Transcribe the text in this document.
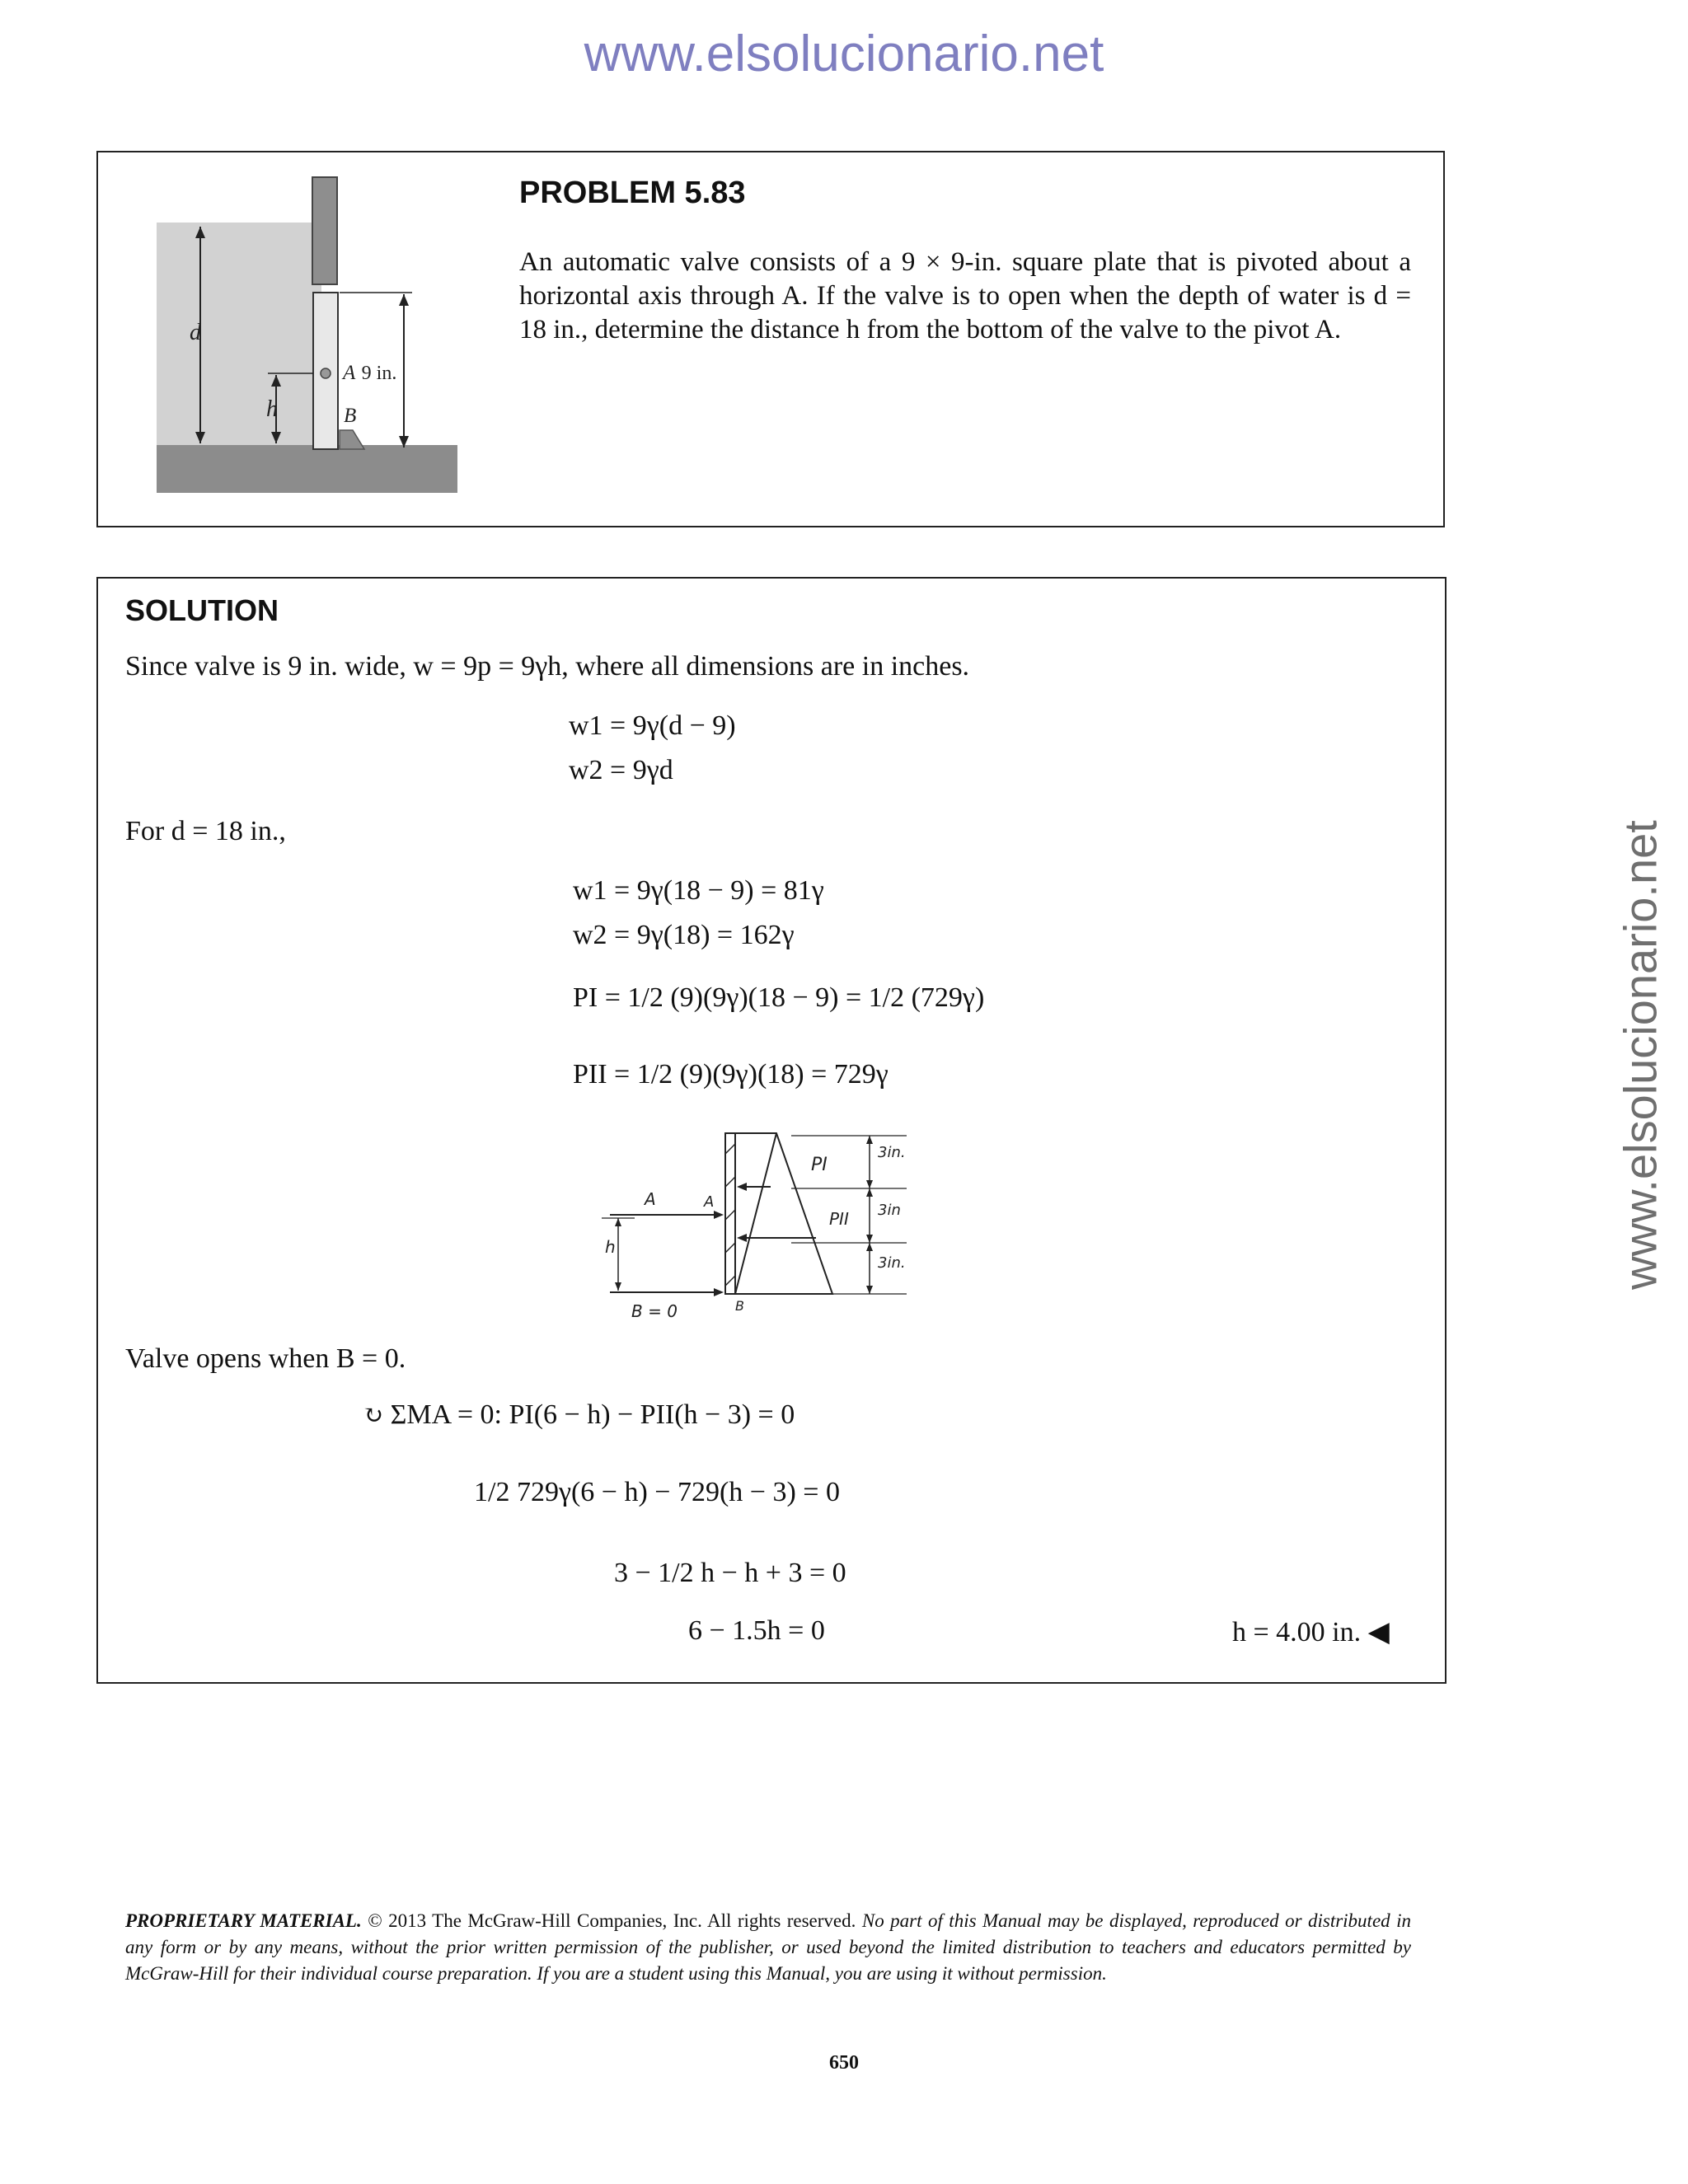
www.elsolucionario.net
www.elsolucionario.net
d
h
A
B
9 in.
PROBLEM 5.83
An automatic valve consists of a 9 × 9-in. square plate that is pivoted about a horizontal axis through A. If the valve is to open when the depth of water is d = 18 in., determine the distance h from the bottom of the valve to the pivot A.
SOLUTION
Since valve is 9 in. wide, w = 9p = 9γh, where all dimensions are in inches.
w1 = 9γ(d − 9)
w2 = 9γd
For d = 18 in.,
w1 = 9γ(18 − 9) = 81γ
w2 = 9γ(18) = 162γ
PI = 1/2 (9)(9γ)(18 − 9) = 1/2 (729γ)
PII = 1/2 (9)(9γ)(18) = 729γ
PI
PII
A	A
h
B = 0	B
3in.
3in
3in.
Valve opens when B = 0.
↻ ΣMA = 0: PI(6 − h) − PII(h − 3) = 0
1/2 729γ(6 − h) − 729(h − 3) = 0
3 − 1/2 h − h + 3 = 0
6 − 1.5h = 0	h = 4.00 in. ◀
PROPRIETARY MATERIAL. © 2013 The McGraw-Hill Companies, Inc. All rights reserved. No part of this Manual may be displayed, reproduced or distributed in any form or by any means, without the prior written permission of the publisher, or used beyond the limited distribution to teachers and educators permitted by McGraw-Hill for their individual course preparation. If you are a student using this Manual, you are using it without permission.
650
